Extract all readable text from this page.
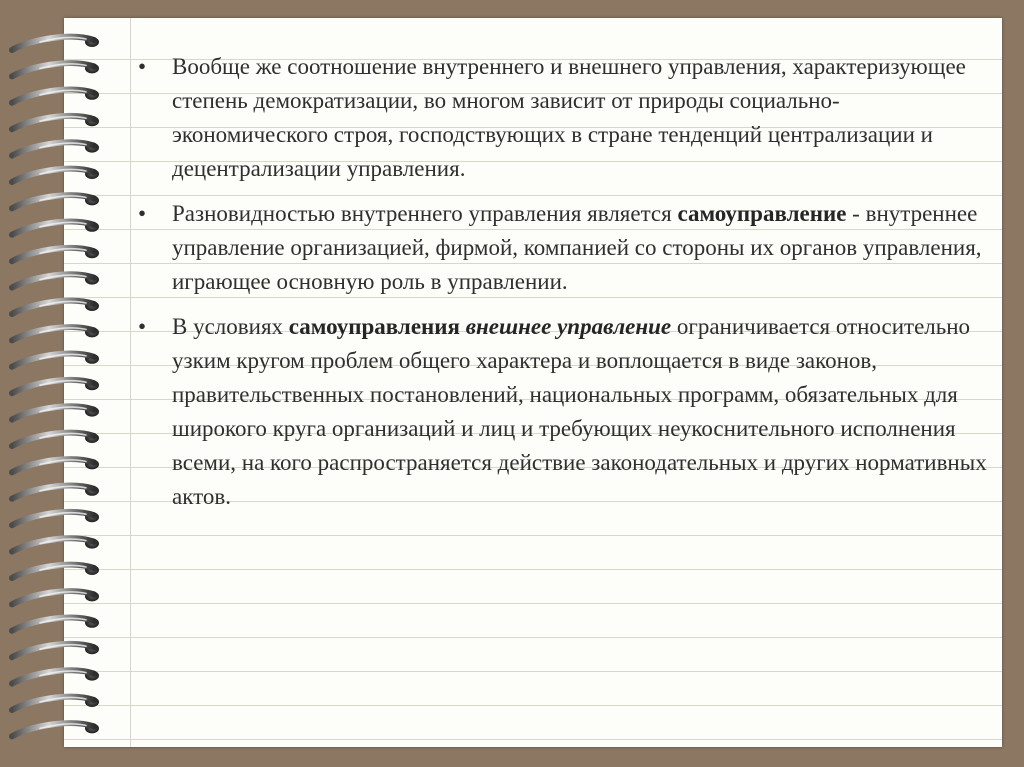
• Вообще же соотношение внутреннего и внешнего управления, характеризующее степень демократизации, во многом зависит от природы социально-экономического строя, господствующих в стране тенденций централизации и децентрализации управления.
• Разновидностью внутреннего управления является самоуправление - внутреннее управление организацией, фирмой, компанией со стороны их органов управления, играющее основную роль в управлении.
• В условиях самоуправления внешнее управление ограничивается относительно узким кругом проблем общего характера и воплощается в виде законов, правительственных постановлений, национальных программ, обязательных для широкого круга организаций и лиц и требующих неукоснительного исполнения всеми, на кого распространяется действие законодательных и других нормативных актов.
